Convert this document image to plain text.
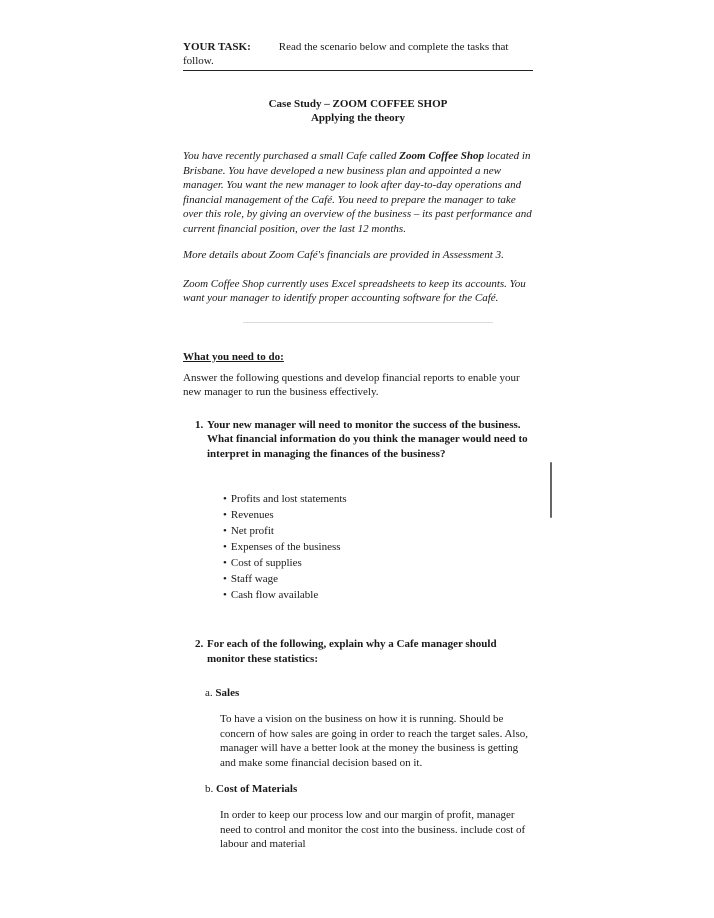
YOUR TASK:	Read the scenario below and complete the tasks that follow.
Case Study – ZOOM COFFEE SHOP
Applying the theory

You have recently purchased a small Cafe called Zoom Coffee Shop located in Brisbane. You have developed a new business plan and appointed a new manager. You want the new manager to look after day-to-day operations and financial management of the Café. You need to prepare the manager to take over this role, by giving an overview of the business – its past performance and current financial position, over the last 12 months.

More details about Zoom Café's financials are provided in Assessment 3.

Zoom Coffee Shop currently uses Excel spreadsheets to keep its accounts. You want your manager to identify proper accounting software for the Café.

What you need to do:
Answer the following questions and develop financial reports to enable your new manager to run the business effectively.
1. Your new manager will need to monitor the success of the business. What financial information do you think the manager would need to interpret in managing the finances of the business?
• Profits and lost statements
• Revenues
• Net profit
• Expenses of the business
• Cost of supplies
• Staff wage
• Cash flow available
2. For each of the following, explain why a Cafe manager should monitor these statistics:
a. Sales
To have a vision on the business on how it is running. Should be concern of how sales are going in order to reach the target sales. Also, manager will have a better look at the money the business is getting and make some financial decision based on it.
b. Cost of Materials
In order to keep our process low and our margin of profit, manager need to control and monitor the cost into the business. include cost of labour and material
